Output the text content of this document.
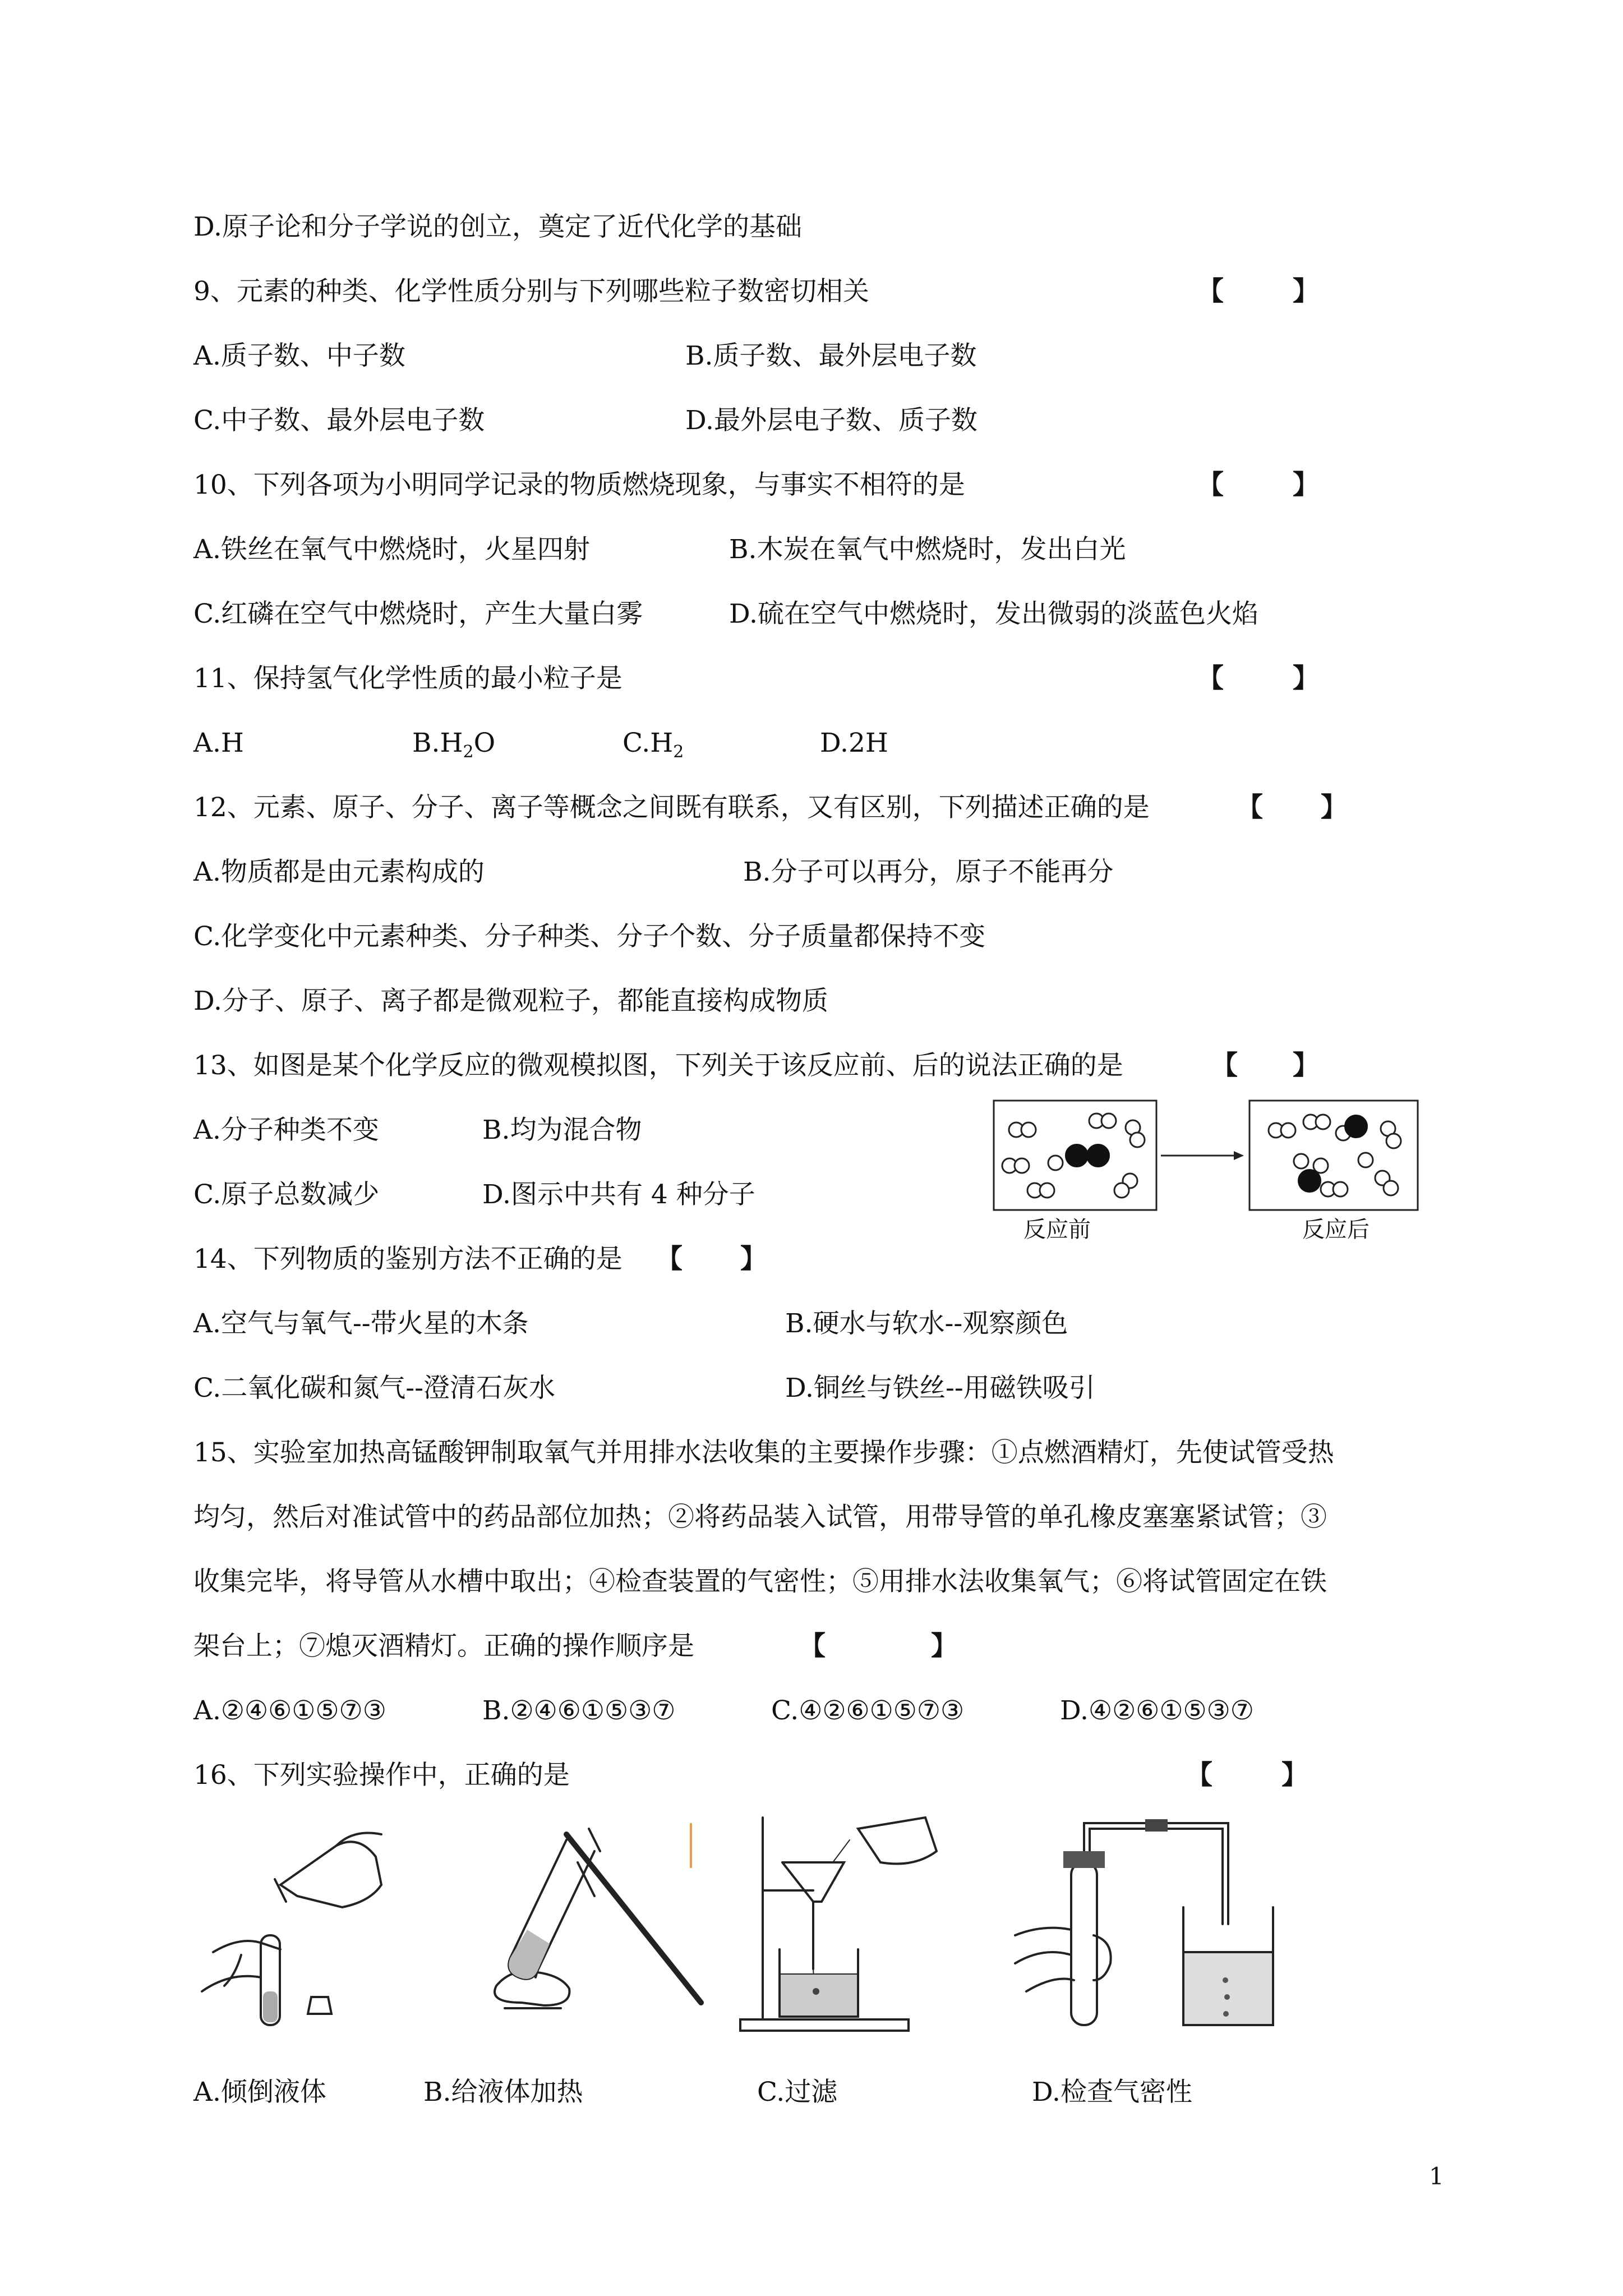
D.原子论和分子学说的创立，奠定了近代化学的基础
9、元素的种类、化学性质分别与下列哪些粒子数密切相关	【	】
A.质子数、中子数	B.质子数、最外层电子数
C.中子数、最外层电子数	D.最外层电子数、质子数
10、下列各项为小明同学记录的物质燃烧现象，与事实不相符的是	【	】
A.铁丝在氧气中燃烧时，火星四射	B.木炭在氧气中燃烧时，发出白光
C.红磷在空气中燃烧时，产生大量白雾	D.硫在空气中燃烧时，发出微弱的淡蓝色火焰
11、保持氢气化学性质的最小粒子是	【	】
A.H	$B.H_2O$	$C.H_2$	D.2H
12、元素、原子、分子、离子等概念之间既有联系，又有区别，下列描述正确的是	【 】
A.物质都是由元素构成的	B.分子可以再分，原子不能再分
C.化学变化中元素种类、分子种类、分子个数、分子质量都保持不变
D.分子、原子、离子都是微观粒子，都能直接构成物质
13、如图是某个化学反应的微观模拟图，下列关于该反应前、后的说法正确的是	【 】
A.分子种类不变	B.均为混合物
C.原子总数减少	D.图示中共有 4 种分子
反应前	反应后
14、下列物质的鉴别方法不正确的是 【 】
A.空气与氧气--带火星的木条	B.硬水与软水--观察颜色
C.二氧化碳和氮气--澄清石灰水	D.铜丝与铁丝--用磁铁吸引
15、实验室加热高锰酸钾制取氧气并用排水法收集的主要操作步骤：①点燃酒精灯，先使试管受热
均匀，然后对准试管中的药品部位加热；②将药品装入试管，用带导管的单孔橡皮塞塞紧试管；③
收集完毕，将导管从水槽中取出；④检查装置的气密性；⑤用排水法收集氧气；⑥将试管固定在铁
架台上；⑦熄灭酒精灯。正确的操作顺序是	【	】
A.②④⑥①⑤⑦③	B.②④⑥①⑤③⑦	C.④②⑥①⑤⑦③	D.④②⑥①⑤③⑦
16、下列实验操作中，正确的是	【	】
A.倾倒液体	B.给液体加热	C.过滤	D.检查气密性
1
